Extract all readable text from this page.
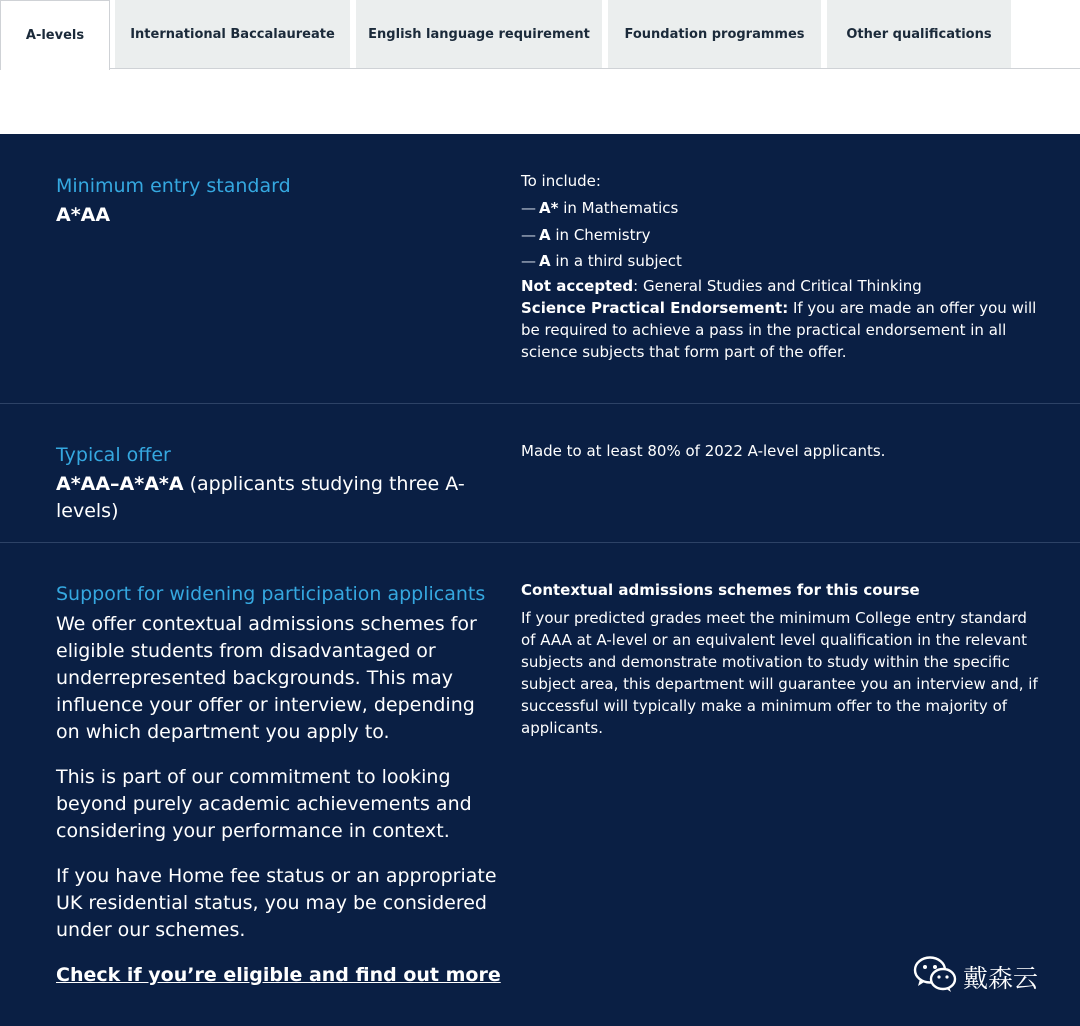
A-levels	International Baccalaureate	English language requirement	Foundation programmes	Other qualifications
Minimum entry standard
A*AA
To include:
— A* in Mathematics
— A in Chemistry
— A in a third subject
Not accepted: General Studies and Critical Thinking
Science Practical Endorsement: If you are made an offer you will be required to achieve a pass in the practical endorsement in all science subjects that form part of the offer.
Typical offer
A*AA–A*A*A (applicants studying three A-levels)
Made to at least 80% of 2022 A-level applicants.
Support for widening participation applicants

We offer contextual admissions schemes for eligible students from disadvantaged or underrepresented backgrounds. This may influence your offer or interview, depending on which department you apply to.

This is part of our commitment to looking beyond purely academic achievements and considering your performance in context.

If you have Home fee status or an appropriate UK residential status, you may be considered under our schemes.

Check if you’re eligible and find out more
Contextual admissions schemes for this course
If your predicted grades meet the minimum College entry standard of AAA at A-level or an equivalent level qualification in the relevant subjects and demonstrate motivation to study within the specific subject area, this department will guarantee you an interview and, if successful will typically make a minimum offer to the majority of applicants.
戴森云
